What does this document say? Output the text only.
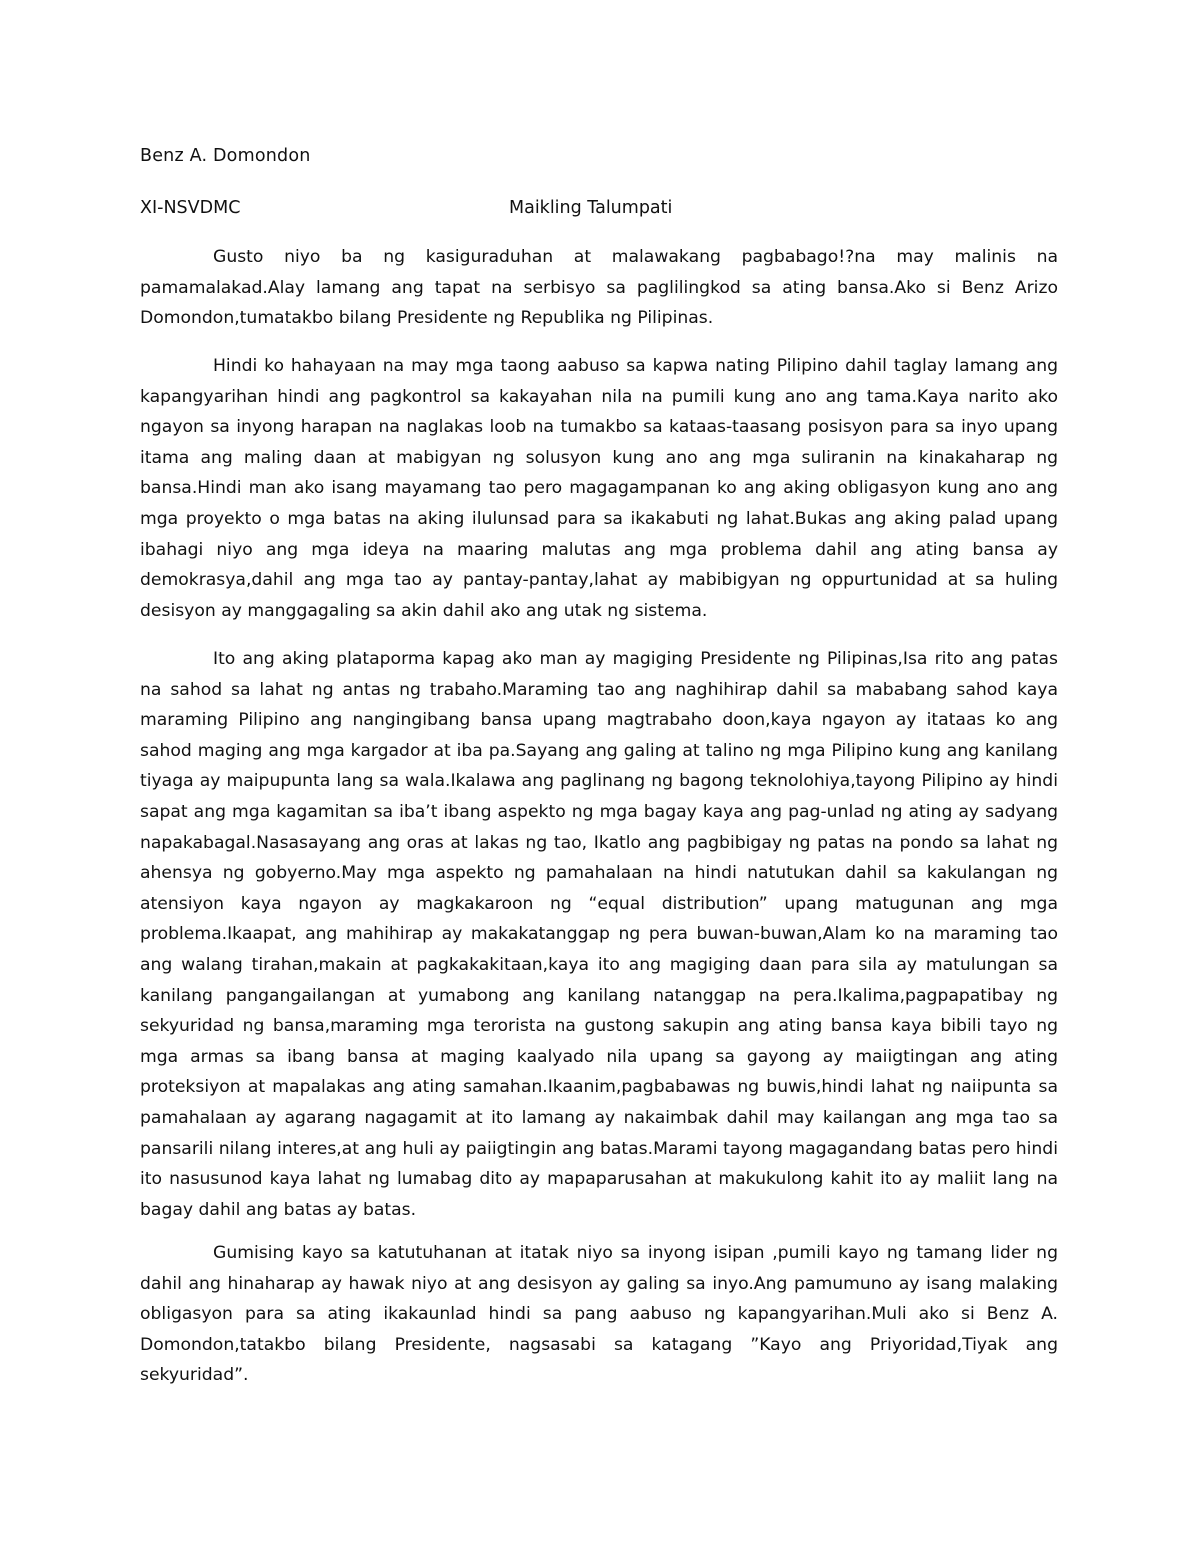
Benz A. Domondon
XI-NSVDMC	Maikling Talumpati

Gusto niyo ba ng kasiguraduhan at malawakang pagbabago!?na may malinis na pamamalakad.Alay lamang ang tapat na serbisyo sa paglilingkod sa ating bansa.Ako si Benz Arizo Domondon,tumatakbo bilang Presidente ng Republika ng Pilipinas.

Hindi ko hahayaan na may mga taong aabuso sa kapwa nating Pilipino dahil taglay lamang ang kapangyarihan hindi ang pagkontrol sa kakayahan nila na pumili kung ano ang tama.Kaya narito ako ngayon sa inyong harapan na naglakas loob na tumakbo sa kataas-taasang posisyon para sa inyo upang itama ang maling daan at mabigyan ng solusyon kung ano ang mga suliranin na kinakaharap ng bansa.Hindi man ako isang mayamang tao pero magagampanan ko ang aking obligasyon kung ano ang mga proyekto o mga batas na aking ilulunsad para sa ikakabuti ng lahat.Bukas ang aking palad upang ibahagi niyo ang mga ideya na maaring malutas ang mga problema dahil ang ating bansa ay demokrasya,dahil ang mga tao ay pantay-pantay,lahat ay mabibigyan ng oppurtunidad at sa huling desisyon ay manggagaling sa akin dahil ako ang utak ng sistema.

Ito ang aking plataporma kapag ako man ay magiging Presidente ng Pilipinas,Isa rito ang patas na sahod sa lahat ng antas ng trabaho.Maraming tao ang naghihirap dahil sa mababang sahod kaya maraming Pilipino ang nangingibang bansa upang magtrabaho doon,kaya ngayon ay itataas ko ang sahod maging ang mga kargador at iba pa.Sayang ang galing at talino ng mga Pilipino kung ang kanilang tiyaga ay maipupunta lang sa wala.Ikalawa ang paglinang ng bagong teknolohiya,tayong Pilipino ay hindi sapat ang mga kagamitan sa iba’t ibang aspekto ng mga bagay kaya ang pag-unlad ng ating ay sadyang napakabagal.Nasasayang ang oras at lakas ng tao, Ikatlo ang pagbibigay ng patas na pondo sa lahat ng ahensya ng gobyerno.May mga aspekto ng pamahalaan na hindi natutukan dahil sa kakulangan ng atensiyon kaya ngayon ay magkakaroon ng “equal distribution” upang matugunan ang mga problema.Ikaapat, ang mahihirap ay makakatanggap ng pera buwan-buwan,Alam ko na maraming tao ang walang tirahan,makain at pagkakakitaan,kaya ito ang magiging daan para sila ay matulungan sa kanilang pangangailangan at yumabong ang kanilang natanggap na pera.Ikalima,pagpapatibay ng sekyuridad ng bansa,maraming mga terorista na gustong sakupin ang ating bansa kaya bibili tayo ng mga armas sa ibang bansa at maging kaalyado nila upang sa gayong ay maiigtingan ang ating proteksiyon at mapalakas ang ating samahan.Ikaanim,pagbabawas ng buwis,hindi lahat ng naiipunta sa pamahalaan ay agarang nagagamit at ito lamang ay nakaimbak dahil may kailangan ang mga tao sa pansarili nilang interes,at ang huli ay paiigtingin ang batas.Marami tayong magagandang batas pero hindi ito nasusunod kaya lahat ng lumabag dito ay mapaparusahan at makukulong kahit ito ay maliit lang na bagay dahil ang batas ay batas.

Gumising kayo sa katutuhanan at itatak niyo sa inyong isipan ,pumili kayo ng tamang lider ng dahil ang hinaharap ay hawak niyo at ang desisyon ay galing sa inyo.Ang pamumuno ay isang malaking obligasyon para sa ating ikakaunlad hindi sa pang aabuso ng kapangyarihan.Muli ako si Benz A. Domondon,tatakbo bilang Presidente, nagsasabi sa katagang ”Kayo ang Priyoridad,Tiyak ang sekyuridad”.
